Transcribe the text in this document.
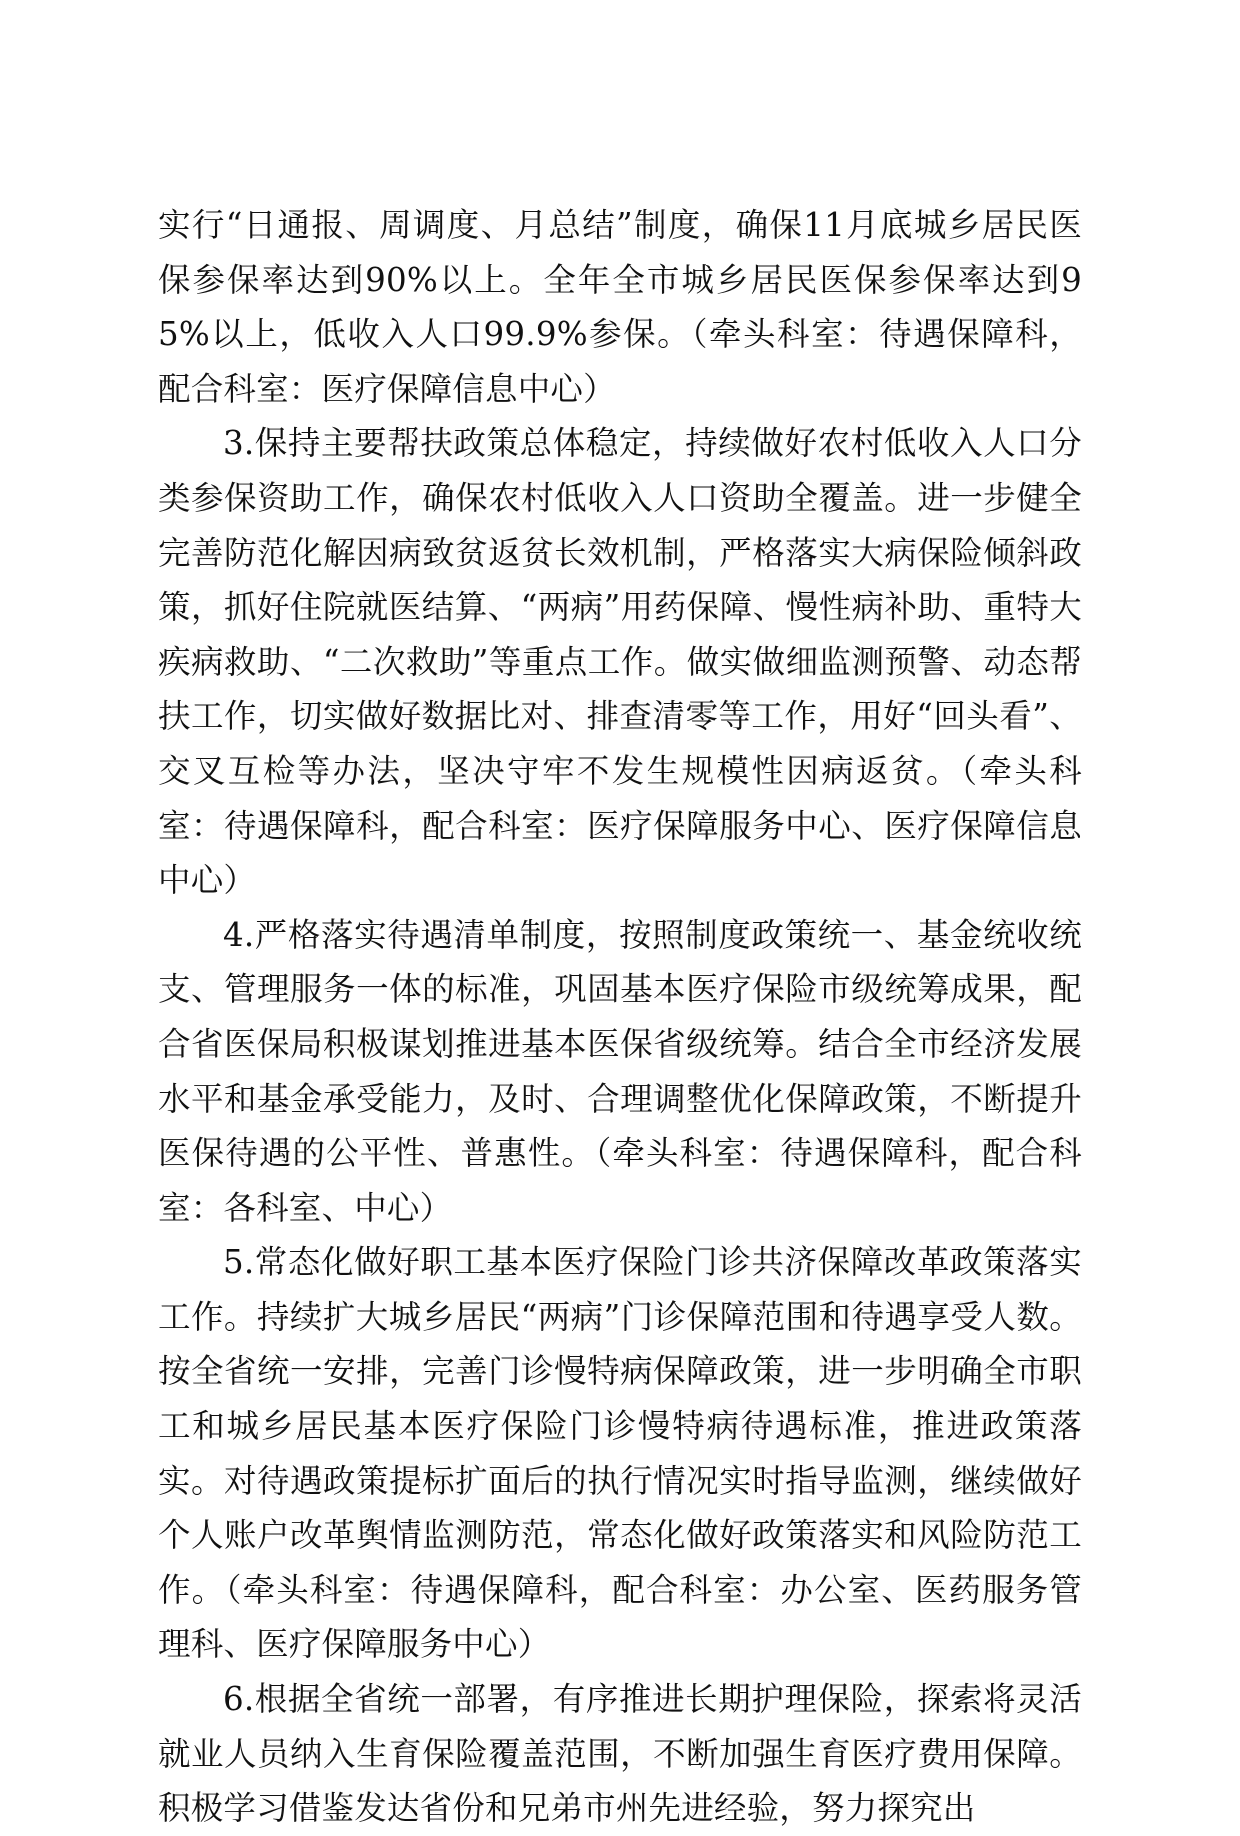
实行“日通报、周调度、月总结”制度，确保11月底城乡居民医保参保率达到90%以上。全年全市城乡居民医保参保率达到95%以上，低收入人口99.9%参保。（牵头科室：待遇保障科，配合科室：医疗保障信息中心）

3.保持主要帮扶政策总体稳定，持续做好农村低收入人口分类参保资助工作，确保农村低收入人口资助全覆盖。进一步健全完善防范化解因病致贫返贫长效机制，严格落实大病保险倾斜政策，抓好住院就医结算、“两病”用药保障、慢性病补助、重特大疾病救助、“二次救助”等重点工作。做实做细监测预警、动态帮扶工作，切实做好数据比对、排查清零等工作，用好“回头看”、交叉互检等办法，坚决守牢不发生规模性因病返贫。（牵头科室：待遇保障科，配合科室：医疗保障服务中心、医疗保障信息中心）

4.严格落实待遇清单制度，按照制度政策统一、基金统收统支、管理服务一体的标准，巩固基本医疗保险市级统筹成果，配合省医保局积极谋划推进基本医保省级统筹。结合全市经济发展水平和基金承受能力，及时、合理调整优化保障政策，不断提升医保待遇的公平性、普惠性。（牵头科室：待遇保障科，配合科室：各科室、中心）

5.常态化做好职工基本医疗保险门诊共济保障改革政策落实工作。持续扩大城乡居民“两病”门诊保障范围和待遇享受人数。按全省统一安排，完善门诊慢特病保障政策，进一步明确全市职工和城乡居民基本医疗保险门诊慢特病待遇标准，推进政策落实。对待遇政策提标扩面后的执行情况实时指导监测，继续做好个人账户改革舆情监测防范，常态化做好政策落实和风险防范工作。（牵头科室：待遇保障科，配合科室：办公室、医药服务管理科、医疗保障服务中心）

6.根据全省统一部署，有序推进长期护理保险，探索将灵活就业人员纳入生育保险覆盖范围，不断加强生育医疗费用保障。积极学习借鉴发达省份和兄弟市州先进经验，努力探究出
